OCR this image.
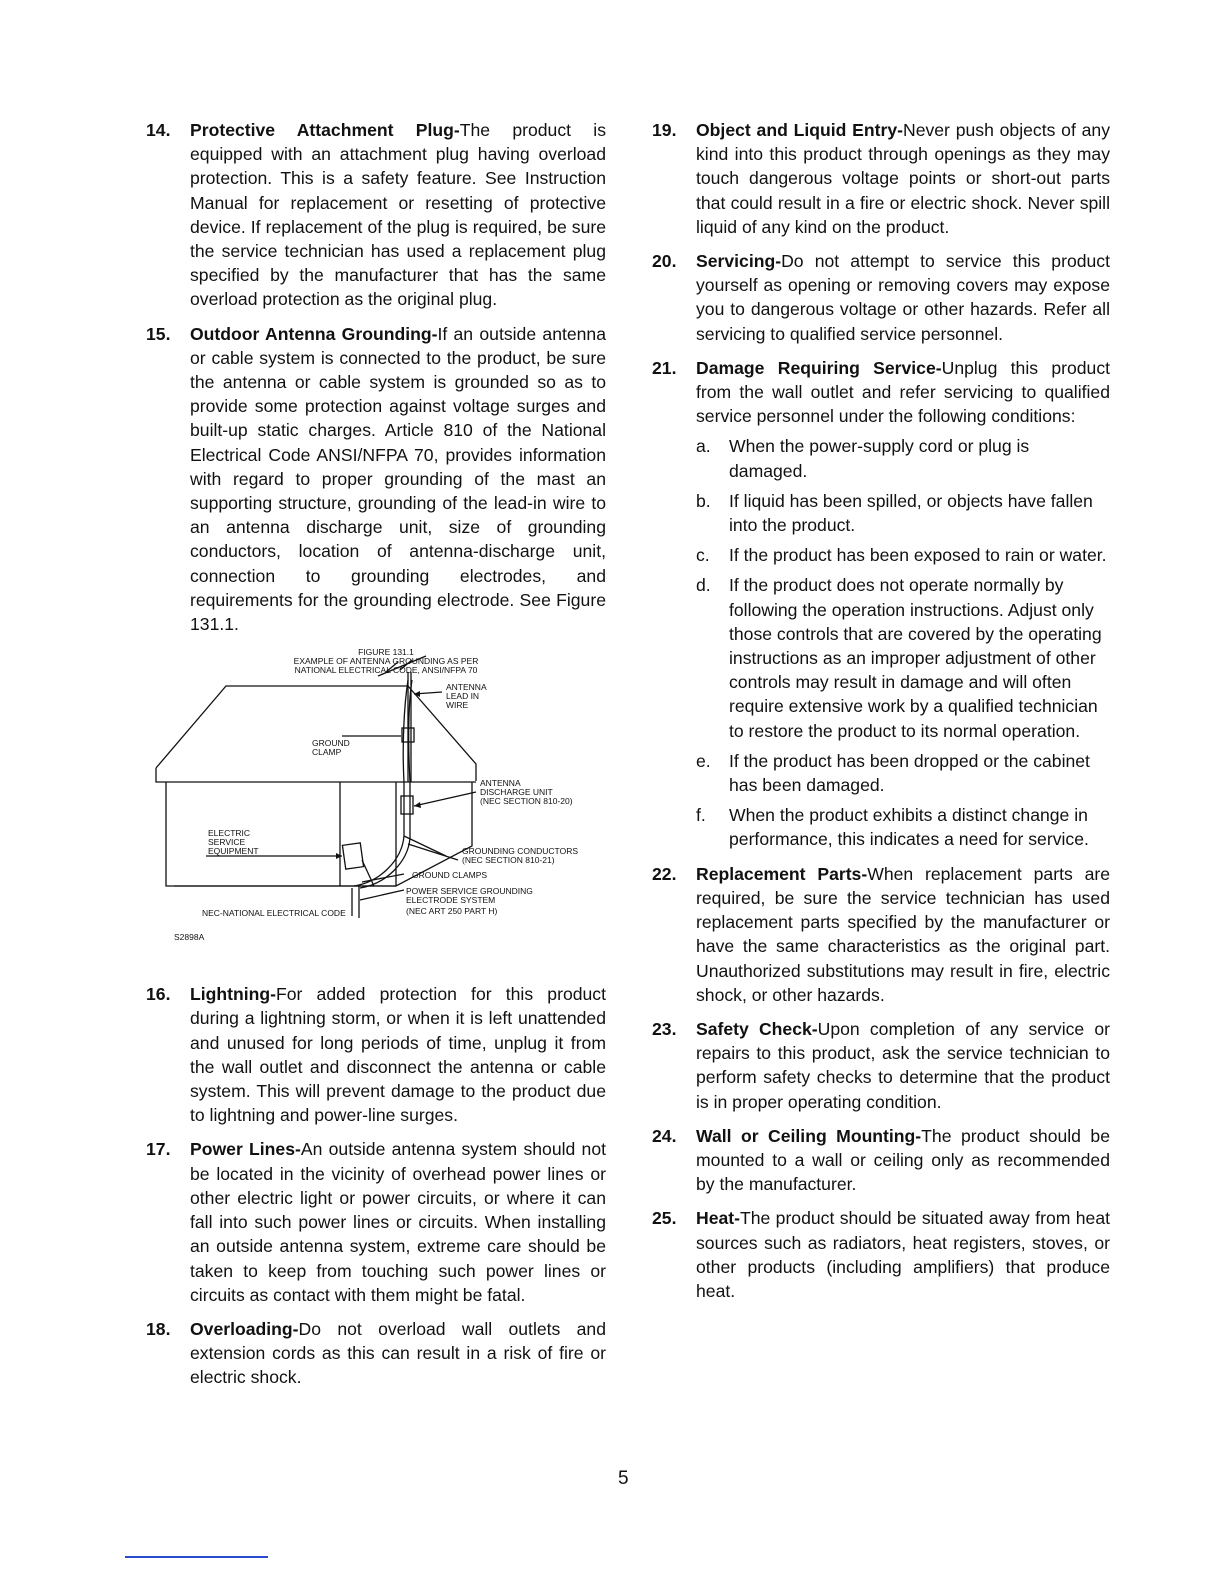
14.	Protective Attachment Plug-The product is equipped with an attachment plug having overload protection. This is a safety feature. See Instruction Manual for replacement or resetting of protective device. If replacement of the plug is required, be sure the service technician has used a replacement plug specified by the manufacturer that has the same overload protection as the original plug.
15.	Outdoor Antenna Grounding-If an outside antenna or cable system is connected to the product, be sure the antenna or cable system is grounded so as to provide some protection against voltage surges and built-up static charges. Article 810 of the National Electrical Code ANSI/NFPA 70, provides information with regard to proper grounding of the mast an supporting structure, grounding of the lead-in wire to an antenna discharge unit, size of grounding conductors, location of antenna-discharge unit, connection to grounding electrodes, and requirements for the grounding electrode. See Figure 131.1.
FIGURE 131.1
EXAMPLE OF ANTENNA GROUNDING AS PER
NATIONAL ELECTRICAL CODE, ANSI/NFPA 70
ANTENNA LEAD IN WIRE
GROUND CLAMP
ANTENNA DISCHARGE UNIT (NEC SECTION 810-20)
ELECTRIC SERVICE EQUIPMENT	GROUNDING CONDUCTORS (NEC SECTION 810-21)
GROUND CLAMPS
POWER SERVICE GROUNDING ELECTRODE SYSTEM (NEC ART 250 PART H)
NEC-NATIONAL ELECTRICAL CODE
S2898A
16.	Lightning-For added protection for this product during a lightning storm, or when it is left unattended and unused for long periods of time, unplug it from the wall outlet and disconnect the antenna or cable system. This will prevent damage to the product due to lightning and power-line surges.
17.	Power Lines-An outside antenna system should not be located in the vicinity of overhead power lines or other electric light or power circuits, or where it can fall into such power lines or circuits. When installing an outside antenna system, extreme care should be taken to keep from touching such power lines or circuits as contact with them might be fatal.
18.	Overloading-Do not overload wall outlets and extension cords as this can result in a risk of fire or electric shock.
19.	Object and Liquid Entry-Never push objects of any kind into this product through openings as they may touch dangerous voltage points or short-out parts that could result in a fire or electric shock. Never spill liquid of any kind on the product.
20.	Servicing-Do not attempt to service this product yourself as opening or removing covers may expose you to dangerous voltage or other hazards. Refer all servicing to qualified service personnel.
21.	Damage Requiring Service-Unplug this product from the wall outlet and refer servicing to qualified service personnel under the following conditions:
a. When the power-supply cord or plug is damaged.
b. If liquid has been spilled, or objects have fallen into the product.
c. If the product has been exposed to rain or water.
d. If the product does not operate normally by following the operation instructions. Adjust only those controls that are covered by the operating instructions as an improper adjustment of other controls may result in damage and will often require extensive work by a qualified technician to restore the product to its normal operation.
e. If the product has been dropped or the cabinet has been damaged.
f. When the product exhibits a distinct change in performance, this indicates a need for service.
22.	Replacement Parts-When replacement parts are required, be sure the service technician has used replacement parts specified by the manufacturer or have the same characteristics as the original part. Unauthorized substitutions may result in fire, electric shock, or other hazards.
23.	Safety Check-Upon completion of any service or repairs to this product, ask the service technician to perform safety checks to determine that the product is in proper operating condition.
24.	Wall or Ceiling Mounting-The product should be mounted to a wall or ceiling only as recommended by the manufacturer.
25.	Heat-The product should be situated away from heat sources such as radiators, heat registers, stoves, or other products (including amplifiers) that produce heat.
5
